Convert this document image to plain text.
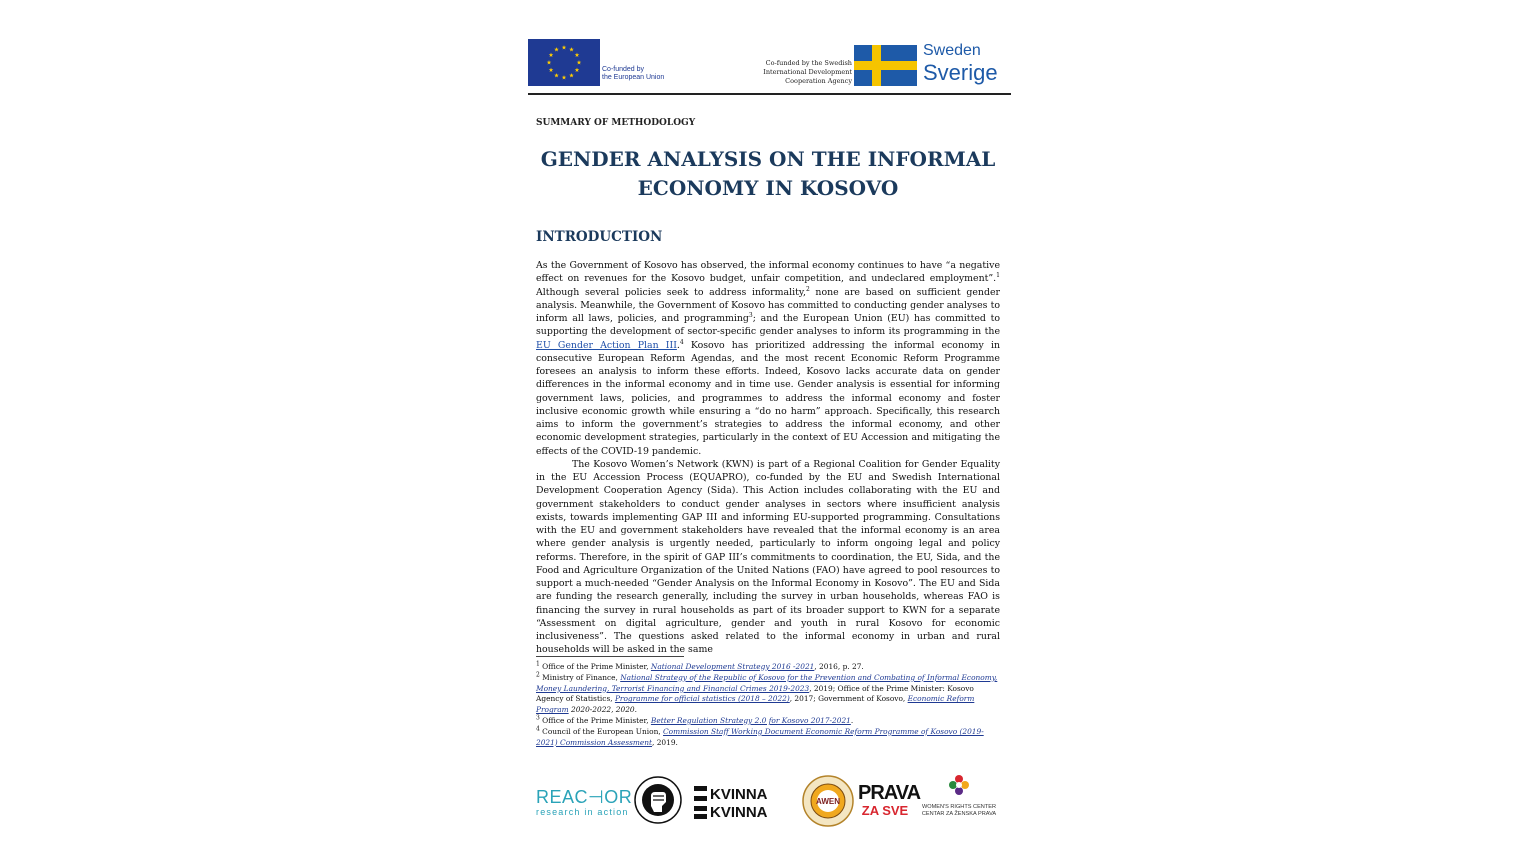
Co-funded by
the European Union
Co-funded by the Swedish
International Development
Cooperation Agency
Sweden
Sverige
SUMMARY OF METHODOLOGY
GENDER ANALYSIS ON THE INFORMAL
ECONOMY IN KOSOVO
INTRODUCTION

As the Government of Kosovo has observed, the informal economy continues to have “a negative effect on revenues for the Kosovo budget, unfair competition, and undeclared employment”.$^1$ Although several policies seek to address informality,$^2$ none are based on sufficient gender analysis. Meanwhile, the Government of Kosovo has committed to conducting gender analyses to inform all laws, policies, and programming$^3$; and the European Union (EU) has committed to supporting the development of sector-specific gender analyses to inform its programming in the EU Gender Action Plan III.$^4$ Kosovo has prioritized addressing the informal economy in consecutive European Reform Agendas, and the most recent Economic Reform Programme foresees an analysis to inform these efforts. Indeed, Kosovo lacks accurate data on gender differences in the informal economy and in time use. Gender analysis is essential for informing government laws, policies, and programmes to address the informal economy and foster inclusive economic growth while ensuring a “do no harm” approach. Specifically, this research aims to inform the government’s strategies to address the informal economy, and other economic development strategies, particularly in the context of EU Accession and mitigating the effects of the COVID-19 pandemic.

The Kosovo Women’s Network (KWN) is part of a Regional Coalition for Gender Equality in the EU Accession Process (EQUAPRO), co-funded by the EU and Swedish International Development Cooperation Agency (Sida). This Action includes collaborating with the EU and government stakeholders to conduct gender analyses in sectors where insufficient analysis exists, towards implementing GAP III and informing EU-supported programming. Consultations with the EU and government stakeholders have revealed that the informal economy is an area where gender analysis is urgently needed, particularly to inform ongoing legal and policy reforms. Therefore, in the spirit of GAP III’s commitments to coordination, the EU, Sida, and the Food and Agriculture Organization of the United Nations (FAO) have agreed to pool resources to support a much-needed “Gender Analysis on the Informal Economy in Kosovo”. The EU and Sida are funding the research generally, including the survey in urban households, whereas FAO is financing the survey in rural households as part of its broader support to KWN for a separate “Assessment on digital agriculture, gender and youth in rural Kosovo for economic inclusiveness”. The questions asked related to the informal economy in urban and rural households will be asked in the same

$^1$ Office of the Prime Minister, National Development Strategy 2016 -2021, 2016, p. 27.
$^2$ Ministry of Finance, National Strategy of the Republic of Kosovo for the Prevention and Combating of Informal Economy, Money Laundering, Terrorist Financing and Financial Crimes 2019-2023, 2019; Office of the Prime Minister: Kosovo Agency of Statistics, Programme for official statistics (2018 – 2022), 2017; Government of Kosovo, Economic Reform Program 2020-2022, 2020.
$^3$ Office of the Prime Minister, Better Regulation Strategy 2.0 for Kosovo 2017-2021.
$^4$ Council of the European Union, Commission Staff Working Document Economic Reform Programme of Kosovo (2019-2021) Commission Assessment, 2019.
REAC⊣OR
research in action
KVINNA
KVINNA
AWEN PRAVA
ZA SVE	WOMEN'S RIGHTS CENTER
CENTAR ZA ŽENSKA PRAVA
